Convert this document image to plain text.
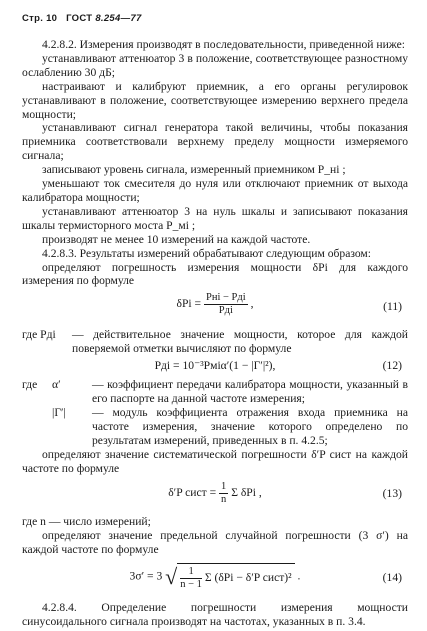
Стр. 10 ГОСТ 8.254—77

4.2.8.2. Измерения производят в последовательности, приведенной ниже:

устанавливают аттенюатор 3 в положение, соответствующее разностному ослаблению 30 дБ;

настраивают и калибруют приемник, а его органы регулировок устанавливают в положение, соответствующее измерению верхнего предела мощности;

устанавливают сигнал генератора такой величины, чтобы показания приемника соответствовали верхнему пределу мощности измеряемого сигнала;

записывают уровень сигнала, измеренный приемником P_нi ;

уменьшают ток смесителя до нуля или отключают приемник от выхода калибратора мощности;

устанавливают аттенюатор 3 на нуль шкалы и записывают показания шкалы термисторного моста P_мi ;

производят не менее 10 измерений на каждой частоте.

4.2.8.3. Результаты измерений обрабатывают следующим образом:

определяют погрешность измерения мощности δPi для каждого измерения по формуле

$\delta Pi = \frac{\text{Pнi − Pдi}}{\text{Pдi}}$ ,	(11)
где Pдi	— действительное значение мощности, которое для каждой поверяемой отметки вычисляют по формуле
Pдi = 10⁻³Pмiα′(1 − |Γ′|²),	(12)
где	α′	— коэффициент передачи калибратора мощности, указанный в его паспорте на данной частоте измерения;
|Γ′|	— модуль коэффициента отражения входа приемника на частоте измерения, значение которого определено по результатам измерений, приведенных в п. 4.2.5;

определяют значение систематической погрешности δ′P сист на каждой частоте по формуле

δ′P сист = $\frac{1}{n}$ Σ δPi ,	(13)

где n — число измерений;

определяют значение предельной случайной погрешности (3 σ′) на каждой частоте по формуле

3σ′ = 3 √ $\frac{1}{n - 1}$ Σ (δPi − δ′P сист)² .	(14)

4.2.8.4. Определение погрешности измерения мощности синусоидального сигнала производят на частотах, указанных в п. 3.4.
